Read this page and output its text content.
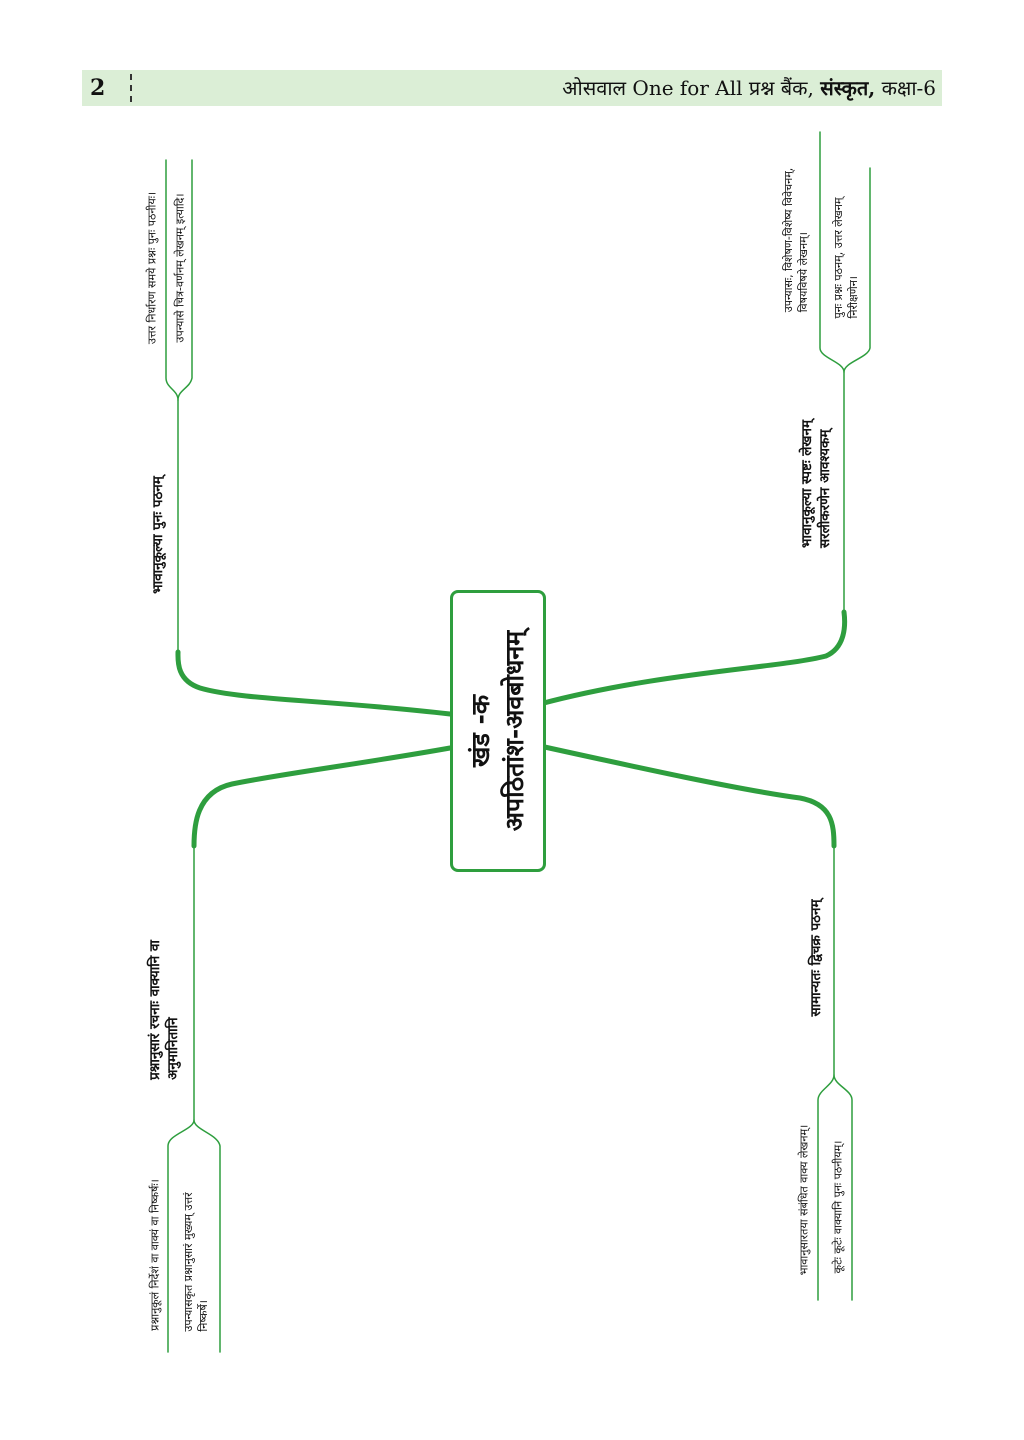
2	ओसवाल One for All प्रश्न बैंक, संस्कृत, कक्षा-6
खंड -क अपठितांश-अवबोधनम्
भावानुकूल्या पुनः पठनम्
उत्तर निर्धारण समये प्रश्नः पुनः पठनीयः। उपन्यासे चित्र-वर्णनम् लेखनम् इत्यादि।
भावानुकूल्या स्पष्टः लेखनम् सरलीकरणेन आवश्यकम्
उपन्यासः, विशेषण-विशेष्य विवेचनम्, विषयविषये लेखनम्। पुनः प्रश्नः पठनम्, उत्तर लेखनम् निरीक्षणेन।
प्रश्नानुसारं रचनाः वाक्यानि वा अनुमानितानि
प्रश्नानुकूलं निर्देशं वा वाक्यं वा निष्कर्षः। उपन्यासकृत प्रश्नानुसारं मुख्यम् उत्तरं निष्कर्षे।
सामान्यतः द्विचक्र पठनम्
भावानुसारतया संबंधित वाक्य लेखनम्। कूटेः कूटेः वाक्यानि पुनः पठनीयम्।
